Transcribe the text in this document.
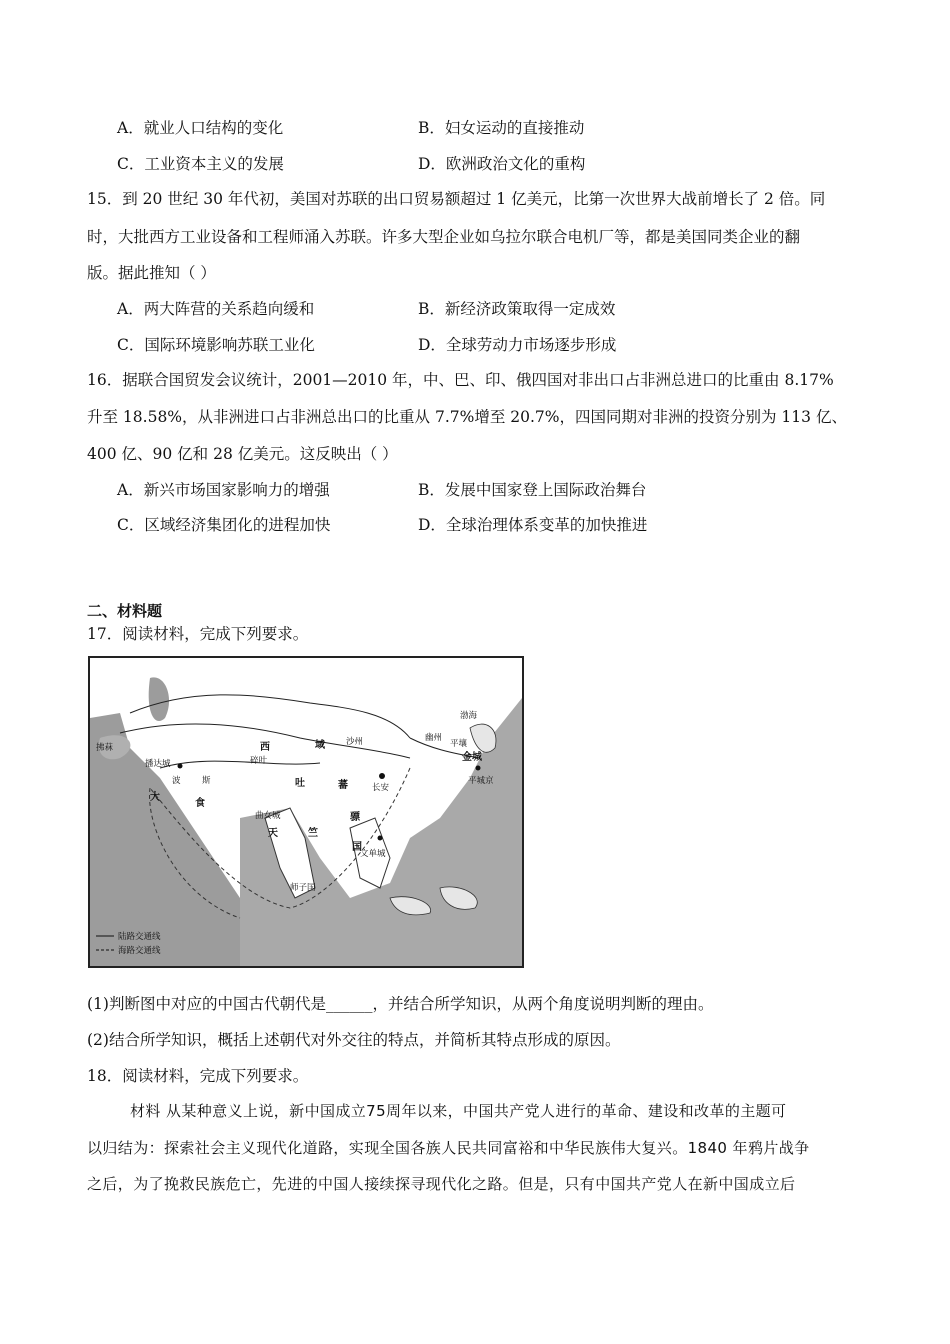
A．就业人口结构的变化	B．妇女运动的直接推动
C．工业资本主义的发展	D．欧洲政治文化的重构
15．到 20 世纪 30 年代初，美国对苏联的出口贸易额超过 1 亿美元，比第一次世界大战前增长了 2 倍。同
时，大批西方工业设备和工程师涌入苏联。许多大型企业如乌拉尔联合电机厂等，都是美国同类企业的翻
版。据此推知（ ）
A．两大阵营的关系趋向缓和	B．新经济政策取得一定成效
C．国际环境影响苏联工业化	D．全球劳动力市场逐步形成
16．据联合国贸发会议统计，2001—2010 年，中、巴、印、俄四国对非出口占非洲总进口的比重由 8.17%
升至 18.58%，从非洲进口占非洲总出口的比重从 7.7%增至 20.7%，四国同期对非洲的投资分别为 113 亿、
400 亿、90 亿和 28 亿美元。这反映出（ ）
A．新兴市场国家影响力的增强	B．发展中国家登上国际政治舞台
C．区域经济集团化的进程加快	D．全球治理体系变革的加快推进
二、材料题
17．阅读材料，完成下列要求。
渤海
西	域 沙州	幽州
平壤
金城
平城京
碎叶
吐	蕃	长安
播达城
波	斯
大
食
曲女城
天	竺
骠
国
文单城
师子国
拂菻
陆路交通线
海路交通线
(1)判断图中对应的中国古代朝代是______，并结合所学知识，从两个角度说明判断的理由。
(2)结合所学知识，概括上述朝代对外交往的特点，并简析其特点形成的原因。
18．阅读材料，完成下列要求。
材料 从某种意义上说，新中国成立75周年以来，中国共产党人进行的革命、建设和改革的主题可
以归结为：探索社会主义现代化道路，实现全国各族人民共同富裕和中华民族伟大复兴。1840 年鸦片战争
之后，为了挽救民族危亡，先进的中国人接续探寻现代化之路。但是，只有中国共产党人在新中国成立后
